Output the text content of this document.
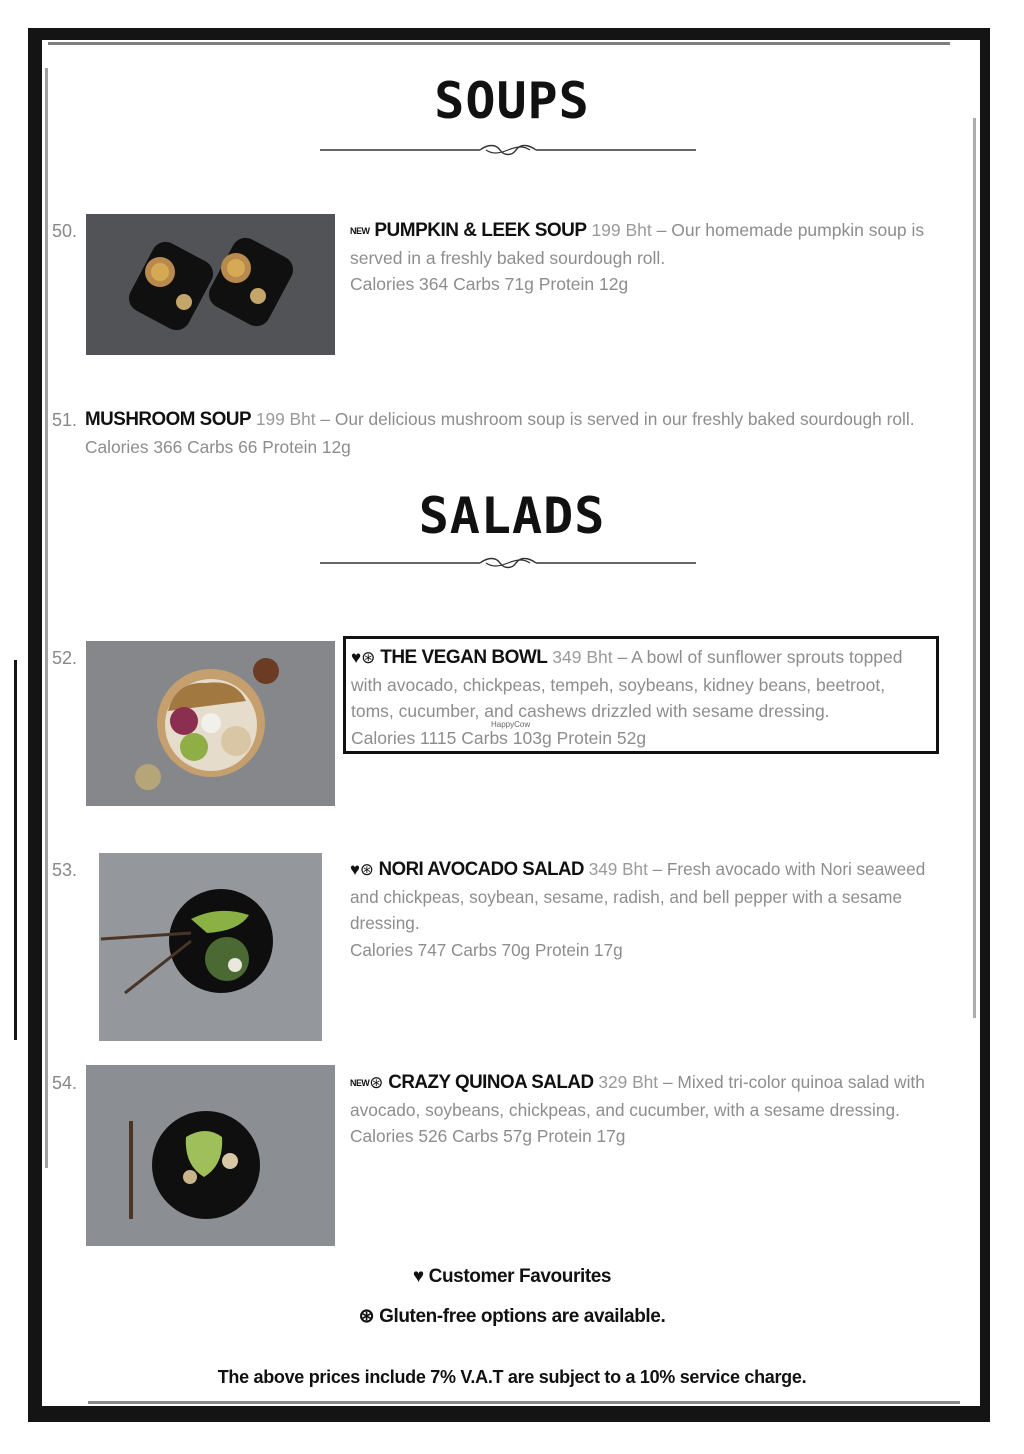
SOUPS
50.	NEW PUMPKIN & LEEK SOUP 199 Bht – Our homemade pumpkin soup is
served in a freshly baked sourdough roll.
Calories 364 Carbs 71g Protein 12g
51. MUSHROOM SOUP 199 Bht – Our delicious mushroom soup is served in our freshly baked sourdough roll.
Calories 366 Carbs 66 Protein 12g
SALADS
52.	♥⊛ THE VEGAN BOWL 349 Bht – A bowl of sunflower sprouts topped
with avocado, chickpeas, tempeh, soybeans, kidney beans, beetroot,
toms, cucumber, and cashews drizzled with sesame dressing.
Calories 1115 Carbs 103g Protein 52g
HappyCow
53.	♥⊛ NORI AVOCADO SALAD 349 Bht – Fresh avocado with Nori seaweed
and chickpeas, soybean, sesame, radish, and bell pepper with a sesame
dressing.
Calories 747 Carbs 70g Protein 17g
54.	NEW⊛ CRAZY QUINOA SALAD 329 Bht – Mixed tri-color quinoa salad with
avocado, soybeans, chickpeas, and cucumber, with a sesame dressing.
Calories 526 Carbs 57g Protein 17g
♥ Customer Favourites
⊛ Gluten-free options are available.
The above prices include 7% V.A.T are subject to a 10% service charge.
